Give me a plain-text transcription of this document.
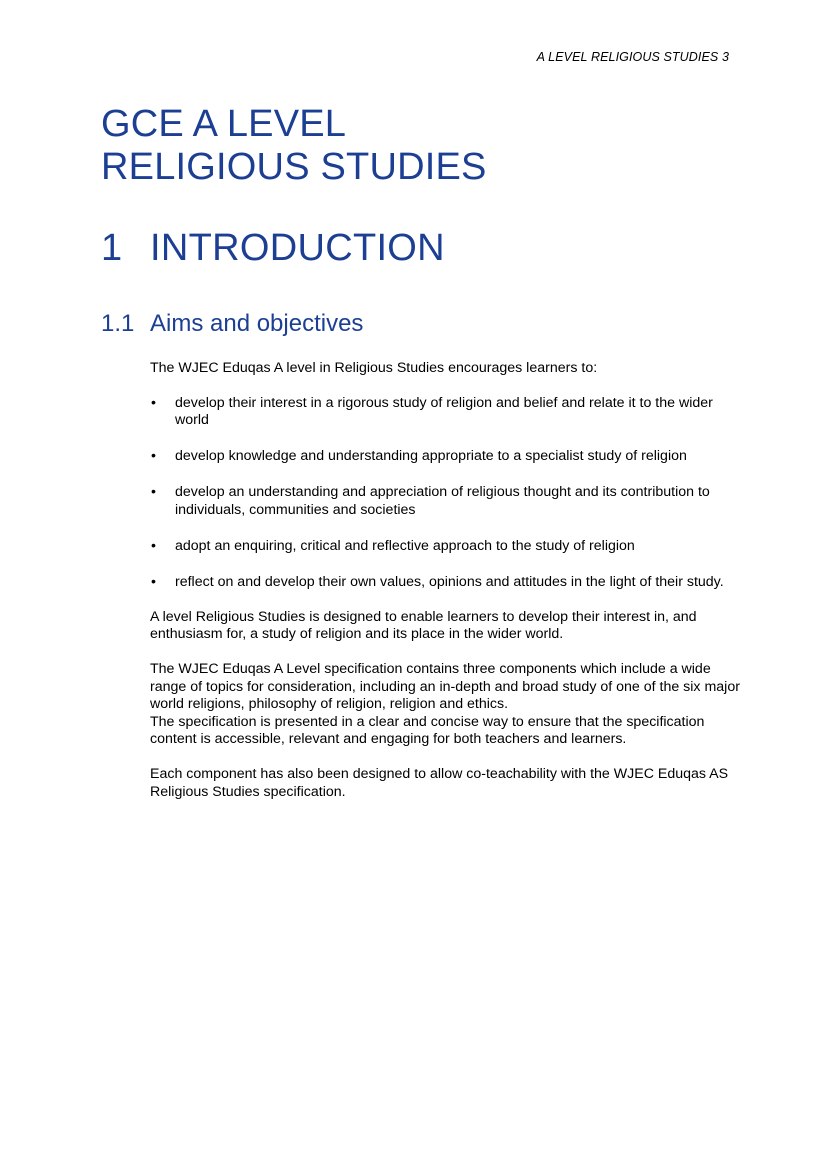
A LEVEL RELIGIOUS STUDIES 3
GCE A LEVEL
RELIGIOUS STUDIES
1 INTRODUCTION
1.1 Aims and objectives

The WJEC Eduqas A level in Religious Studies encourages learners to:

• develop their interest in a rigorous study of religion and belief and relate it to the wider world
• develop knowledge and understanding appropriate to a specialist study of religion
• develop an understanding and appreciation of religious thought and its contribution to individuals, communities and societies
• adopt an enquiring, critical and reflective approach to the study of religion
• reflect on and develop their own values, opinions and attitudes in the light of their study.

A level Religious Studies is designed to enable learners to develop their interest in, and enthusiasm for, a study of religion and its place in the wider world.

The WJEC Eduqas A Level specification contains three components which include a wide range of topics for consideration, including an in-depth and broad study of one of the six major world religions, philosophy of religion, religion and ethics.
The specification is presented in a clear and concise way to ensure that the specification content is accessible, relevant and engaging for both teachers and learners.

Each component has also been designed to allow co-teachability with the WJEC Eduqas AS Religious Studies specification.
